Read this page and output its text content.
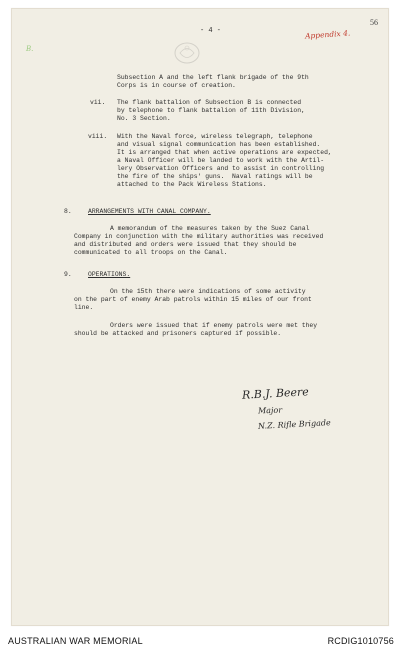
56
- 4 -	Appendix 4.
B.
Subsection A and the left flank brigade of the 9th
Corps is in course of creation.
vii. The flank battalion of Subsection B is connected
by telephone to flank battalion of 11th Division,
No. 3 Section.
viii. With the Naval force, wireless telegraph, telephone
and visual signal communication has been established.
It is arranged that when active operations are expected,
a Naval Officer will be landed to work with the Artil-
lery Observation Officers and to assist in controlling
the fire of the ships' guns.  Naval ratings will be
attached to the Pack Wireless Stations.
8.	ARRANGEMENTS WITH CANAL COMPANY.
A memorandum of the measures taken by the Suez Canal
Company in conjunction with the military authorities was received
and distributed and orders were issued that they should be
communicated to all troops on the Canal.
9.	OPERATIONS.
On the 15th there were indications of some activity
on the part of enemy Arab patrols within 15 miles of our front
line.
Orders were issued that if enemy patrols were met they
should be attacked and prisoners captured if possible.
R.B.J. Beere
Major
N.Z. Rifle Brigade
AUSTRALIAN WAR MEMORIAL	RCDIG1010756
